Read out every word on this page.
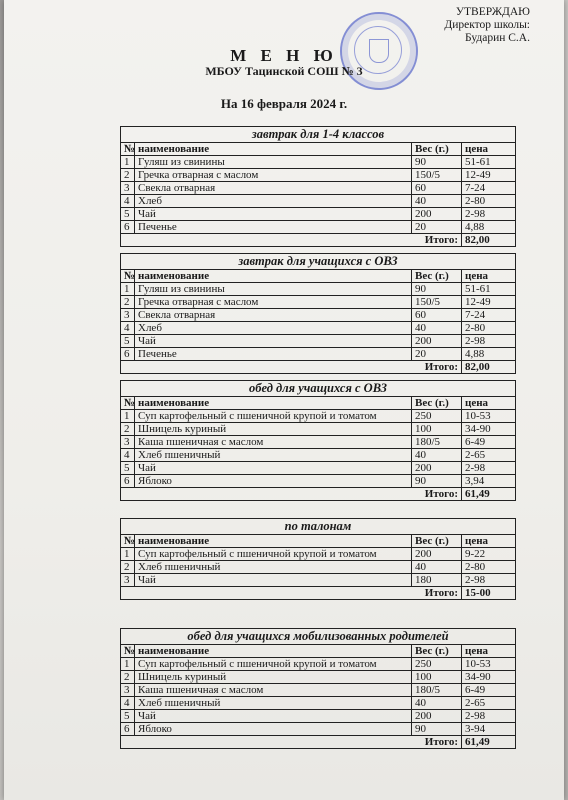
УТВЕРЖДАЮ
Директор школы:
Бударин С.А.
М Е Н Ю
МБОУ Тацинской СОШ № 3
На 16 февраля 2024 г.
завтрак для 1-4 классов
№	наименование	Вес (г.)	цена
1	Гуляш из свинины	90	51-61
2	Гречка отварная с маслом	150/5	12-49
3	Свекла отварная	60	7-24
4	Хлеб	40	2-80
5	Чай	200	2-98
6	Печенье	20	4,88
Итого:			82,00
завтрак для учащихся с ОВЗ
№	наименование	Вес (г.)	цена
1	Гуляш из свинины	90	51-61
2	Гречка отварная с маслом	150/5	12-49
3	Свекла отварная	60	7-24
4	Хлеб	40	2-80
5	Чай	200	2-98
6	Печенье	20	4,88
Итого:			82,00
обед для учащихся с ОВЗ
№	наименование	Вес (г.)	цена
1	Суп картофельный с пшеничной крупой и томатом	250	10-53
2	Шницель куриный	100	34-90
3	Каша пшеничная с маслом	180/5	6-49
4	Хлеб пшеничный	40	2-65
5	Чай	200	2-98
6	Яблоко	90	3,94
Итого:			61,49
по талонам
№	наименование	Вес (г.)	цена
1	Суп картофельный с пшеничной крупой и томатом	200	9-22
2	Хлеб пшеничный	40	2-80
3	Чай	180	2-98
Итого:			15-00
обед для учащихся мобилизованных родителей
№	наименование	Вес (г.)	цена
1	Суп картофельный с пшеничной крупой и томатом	250	10-53
2	Шницель куриный	100	34-90
3	Каша пшеничная с маслом	180/5	6-49
4	Хлеб пшеничный	40	2-65
5	Чай	200	2-98
6	Яблоко	90	3-94
Итого:			61,49
